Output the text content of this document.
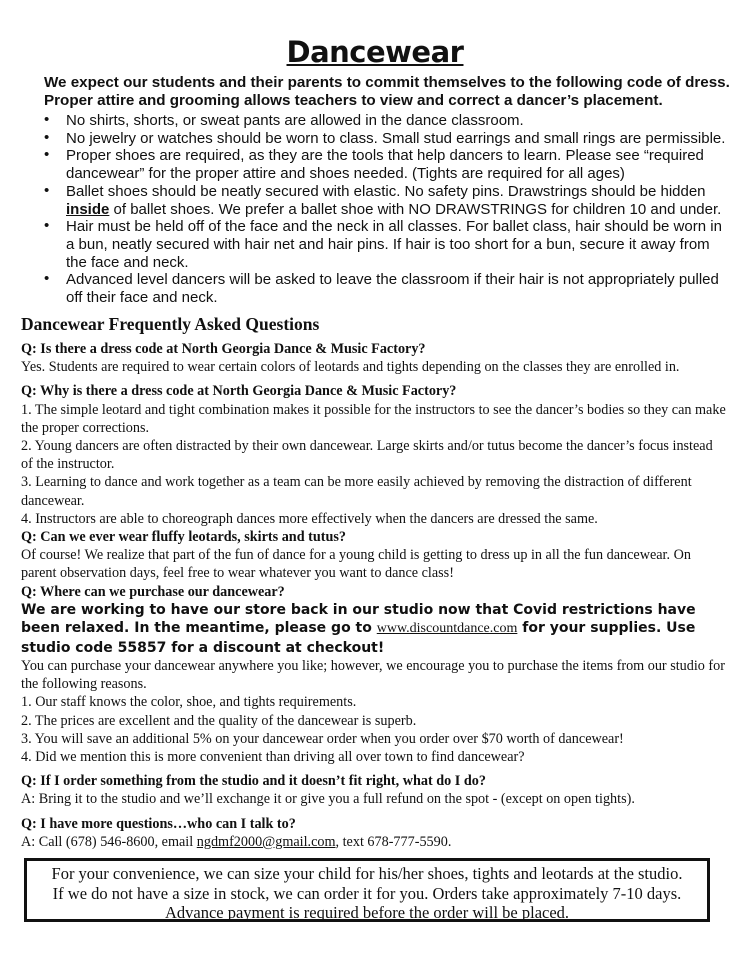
Dancewear
We expect our students and their parents to commit themselves to the following code of dress. Proper attire and grooming allows teachers to view and correct a dancer’s placement.
• No shirts, shorts, or sweat pants are allowed in the dance classroom.
• No jewelry or watches should be worn to class. Small stud earrings and small rings are permissible.
• Proper shoes are required, as they are the tools that help dancers to learn. Please see “required dancewear” for the proper attire and shoes needed. (Tights are required for all ages)
• Ballet shoes should be neatly secured with elastic. No safety pins. Drawstrings should be hidden inside of ballet shoes. We prefer a ballet shoe with NO DRAWSTRINGS for children 10 and under.
• Hair must be held off of the face and the neck in all classes. For ballet class, hair should be worn in a bun, neatly secured with hair net and hair pins. If hair is too short for a bun, secure it away from the face and neck.
• Advanced level dancers will be asked to leave the classroom if their hair is not appropriately pulled off their face and neck.
Dancewear Frequently Asked Questions
Q: Is there a dress code at North Georgia Dance & Music Factory?
Yes. Students are required to wear certain colors of leotards and tights depending on the classes they are enrolled in.
Q: Why is there a dress code at North Georgia Dance & Music Factory?
1. The simple leotard and tight combination makes it possible for the instructors to see the dancer’s bodies so they can make the proper corrections.
2. Young dancers are often distracted by their own dancewear. Large skirts and/or tutus become the dancer’s focus instead of the instructor.
3. Learning to dance and work together as a team can be more easily achieved by removing the distraction of different dancewear.
4. Instructors are able to choreograph dances more effectively when the dancers are dressed the same.
Q: Can we ever wear fluffy leotards, skirts and tutus?
Of course! We realize that part of the fun of dance for a young child is getting to dress up in all the fun dancewear. On parent observation days, feel free to wear whatever you want to dance class!
Q: Where can we purchase our dancewear?
We are working to have our store back in our studio now that Covid restrictions have been relaxed. In the meantime, please go to www.discountdance.com for your supplies. Use studio code 55857 for a discount at checkout!
You can purchase your dancewear anywhere you like; however, we encourage you to purchase the items from our studio for the following reasons.
1. Our staff knows the color, shoe, and tights requirements.
2. The prices are excellent and the quality of the dancewear is superb.
3. You will save an additional 5% on your dancewear order when you order over $70 worth of dancewear!
4. Did we mention this is more convenient than driving all over town to find dancewear?
Q: If I order something from the studio and it doesn’t fit right, what do I do?
A: Bring it to the studio and we’ll exchange it or give you a full refund on the spot - (except on open tights).
Q: I have more questions…who can I talk to?
A: Call (678) 546-8600, email ngdmf2000@gmail.com, text 678-777-5590.
For your convenience, we can size your child for his/her shoes, tights and leotards at the studio.
If we do not have a size in stock, we can order it for you. Orders take approximately 7-10 days.
Advance payment is required before the order will be placed.
